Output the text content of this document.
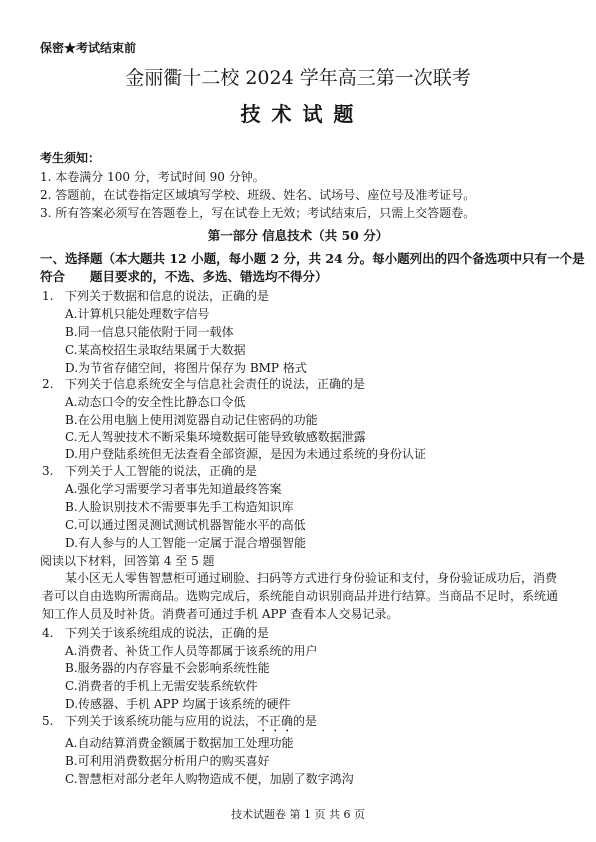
保密★考试结束前
金丽衢十二校 2024 学年高三第一次联考
技 术 试 题
考生须知：
1. 本卷满分 100 分，考试时间 90 分钟。
2. 答题前，在试卷指定区域填写学校、班级、姓名、试场号、座位号及准考证号。
3. 所有答案必须写在答题卷上，写在试卷上无效；考试结束后，只需上交答题卷。
第一部分 信息技术（共 50 分）
一、选择题（本大题共 12 小题，每小题 2 分，共 24 分。每小题列出的四个备选项中只有一个是
符合　　题目要求的，不选、多选、错选均不得分）
1. 下列关于数据和信息的说法，正确的是
A.计算机只能处理数字信号
B.同一信息只能依附于同一载体
C.某高校招生录取结果属于大数据
D.为节省存储空间，将图片保存为 BMP 格式
2. 下列关于信息系统安全与信息社会责任的说法，正确的是
A.动态口令的安全性比静态口令低
B.在公用电脑上使用浏览器自动记住密码的功能
C.无人驾驶技术不断采集环境数据可能导致敏感数据泄露
D.用户登陆系统但无法查看全部资源，是因为未通过系统的身份认证
3. 下列关于人工智能的说法，正确的是
A.强化学习需要学习者事先知道最终答案
B.人脸识别技术不需要事先手工构造知识库
C.可以通过图灵测试测试机器智能水平的高低
D.有人参与的人工智能一定属于混合增强智能
阅读以下材料，回答第 4 至 5 题
某小区无人零售智慧柜可通过刷脸、扫码等方式进行身份验证和支付，身份验证成功后，消费
者可以自由选购所需商品。选购完成后，系统能自动识别商品并进行结算。当商品不足时，系统通
知工作人员及时补货。消费者可通过手机 APP 查看本人交易记录。
4. 下列关于该系统组成的说法，正确的是
A.消费者、补货工作人员等都属于该系统的用户
B.服务器的内存容量不会影响系统性能
C.消费者的手机上无需安装系统软件
D.传感器、手机 APP 均属于该系统的硬件
5. 下列关于该系统功能与应用的说法，不正确的是
A.自动结算消费金额属于数据加工处理功能
B.可利用消费数据分析用户的购买喜好
C.智慧柜对部分老年人购物造成不便，加剧了数字鸿沟
技术试题卷 第 1 页 共 6 页
